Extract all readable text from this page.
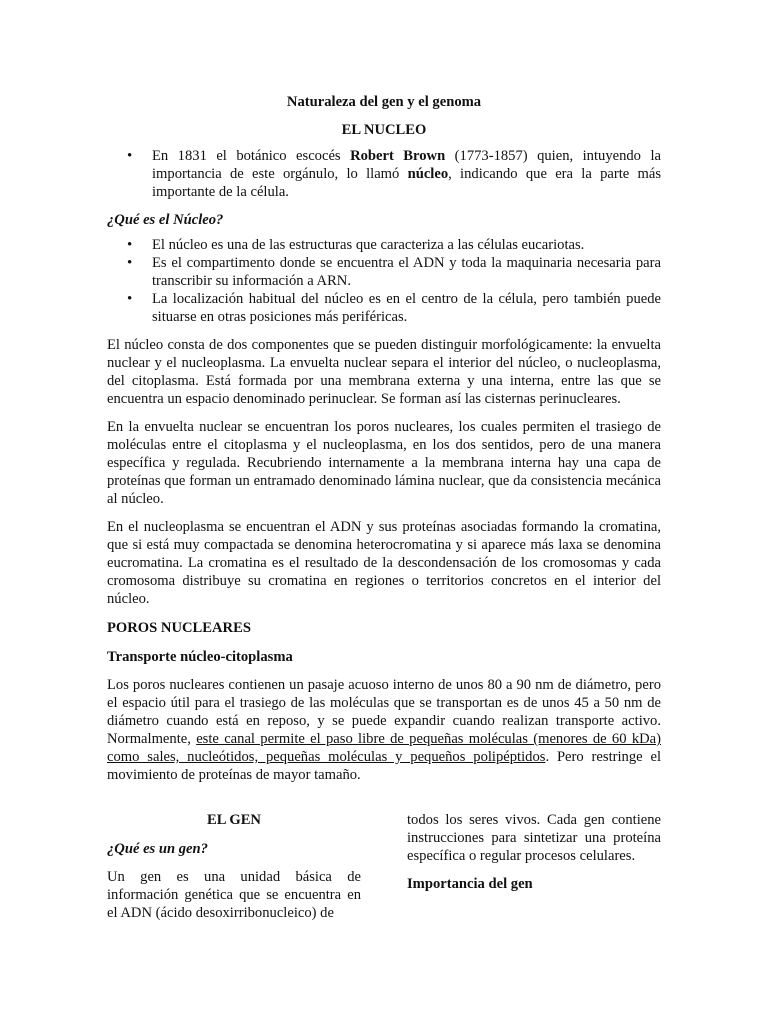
Naturaleza del gen y el genoma

EL NUCLEO

• En 1831 el botánico escocés Robert Brown (1773-1857) quien, intuyendo la importancia de este orgánulo, lo llamó núcleo, indicando que era la parte más importante de la célula.

¿Qué es el Núcleo?

• El núcleo es una de las estructuras que caracteriza a las células eucariotas.
• Es el compartimento donde se encuentra el ADN y toda la maquinaria necesaria para transcribir su información a ARN.
• La localización habitual del núcleo es en el centro de la célula, pero también puede situarse en otras posiciones más periféricas.

El núcleo consta de dos componentes que se pueden distinguir morfológicamente: la envuelta nuclear y el nucleoplasma. La envuelta nuclear separa el interior del núcleo, o nucleoplasma, del citoplasma. Está formada por una membrana externa y una interna, entre las que se encuentra un espacio denominado perinuclear. Se forman así las cisternas perinucleares.

En la envuelta nuclear se encuentran los poros nucleares, los cuales permiten el trasiego de moléculas entre el citoplasma y el nucleoplasma, en los dos sentidos, pero de una manera específica y regulada. Recubriendo internamente a la membrana interna hay una capa de proteínas que forman un entramado denominado lámina nuclear, que da consistencia mecánica al núcleo.

En el nucleoplasma se encuentran el ADN y sus proteínas asociadas formando la cromatina, que si está muy compactada se denomina heterocromatina y si aparece más laxa se denomina eucromatina. La cromatina es el resultado de la descondensación de los cromosomas y cada cromosoma distribuye su cromatina en regiones o territorios concretos en el interior del núcleo.

POROS NUCLEARES

Transporte núcleo-citoplasma

Los poros nucleares contienen un pasaje acuoso interno de unos 80 a 90 nm de diámetro, pero el espacio útil para el trasiego de las moléculas que se transportan es de unos 45 a 50 nm de diámetro cuando está en reposo, y se puede expandir cuando realizan transporte activo. Normalmente, este canal permite el paso libre de pequeñas moléculas (menores de 60 kDa) como sales, nucleótidos, pequeñas moléculas y pequeños polipéptidos. Pero restringe el movimiento de proteínas de mayor tamaño.

EL GEN

¿Qué es un gen?

Un gen es una unidad básica de información genética que se encuentra en el ADN (ácido desoxirribonucleico) de

todos los seres vivos. Cada gen contiene instrucciones para sintetizar una proteína específica o regular procesos celulares.

Importancia del gen
